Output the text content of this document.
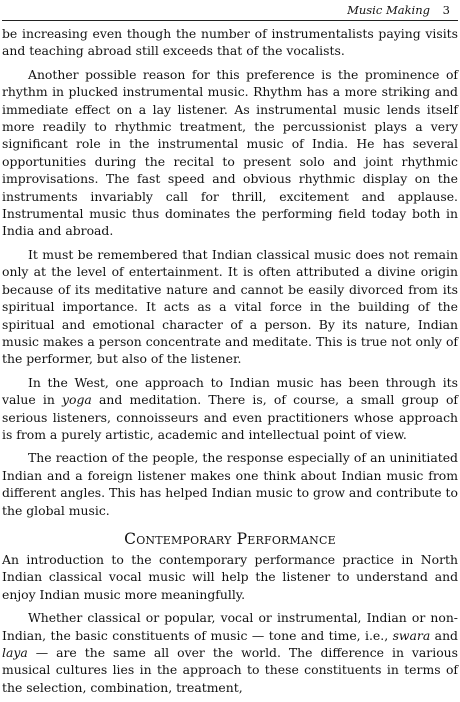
Music Making 3

be increasing even though the number of instrumentalists paying visits and teaching abroad still exceeds that of the vocalists.

Another possible reason for this preference is the prominence of rhythm in plucked instrumental music. Rhythm has a more striking and immediate effect on a lay listener. As instrumental music lends itself more readily to rhythmic treatment, the percussionist plays a very significant role in the instrumental music of India. He has several opportunities during the recital to present solo and joint rhythmic improvisations. The fast speed and obvious rhythmic display on the instruments invariably call for thrill, excitement and applause. Instrumental music thus dominates the performing field today both in India and abroad.

It must be remembered that Indian classical music does not remain only at the level of entertainment. It is often attributed a divine origin because of its meditative nature and cannot be easily divorced from its spiritual importance. It acts as a vital force in the building of the spiritual and emotional character of a person. By its nature, Indian music makes a person concentrate and meditate. This is true not only of the performer, but also of the listener.

In the West, one approach to Indian music has been through its value in yoga and meditation. There is, of course, a small group of serious listeners, connoisseurs and even practitioners whose approach is from a purely artistic, academic and intellectual point of view.

The reaction of the people, the response especially of an uninitiated Indian and a foreign listener makes one think about Indian music from different angles. This has helped Indian music to grow and contribute to the global music.

Contemporary Performance

An introduction to the contemporary performance practice in North Indian classical vocal music will help the listener to understand and enjoy Indian music more meaningfully.

Whether classical or popular, vocal or instrumental, Indian or non-Indian, the basic constituents of music — tone and time, i.e., swara and laya — are the same all over the world. The difference in various musical cultures lies in the approach to these constituents in terms of the selection, combination, treatment,
